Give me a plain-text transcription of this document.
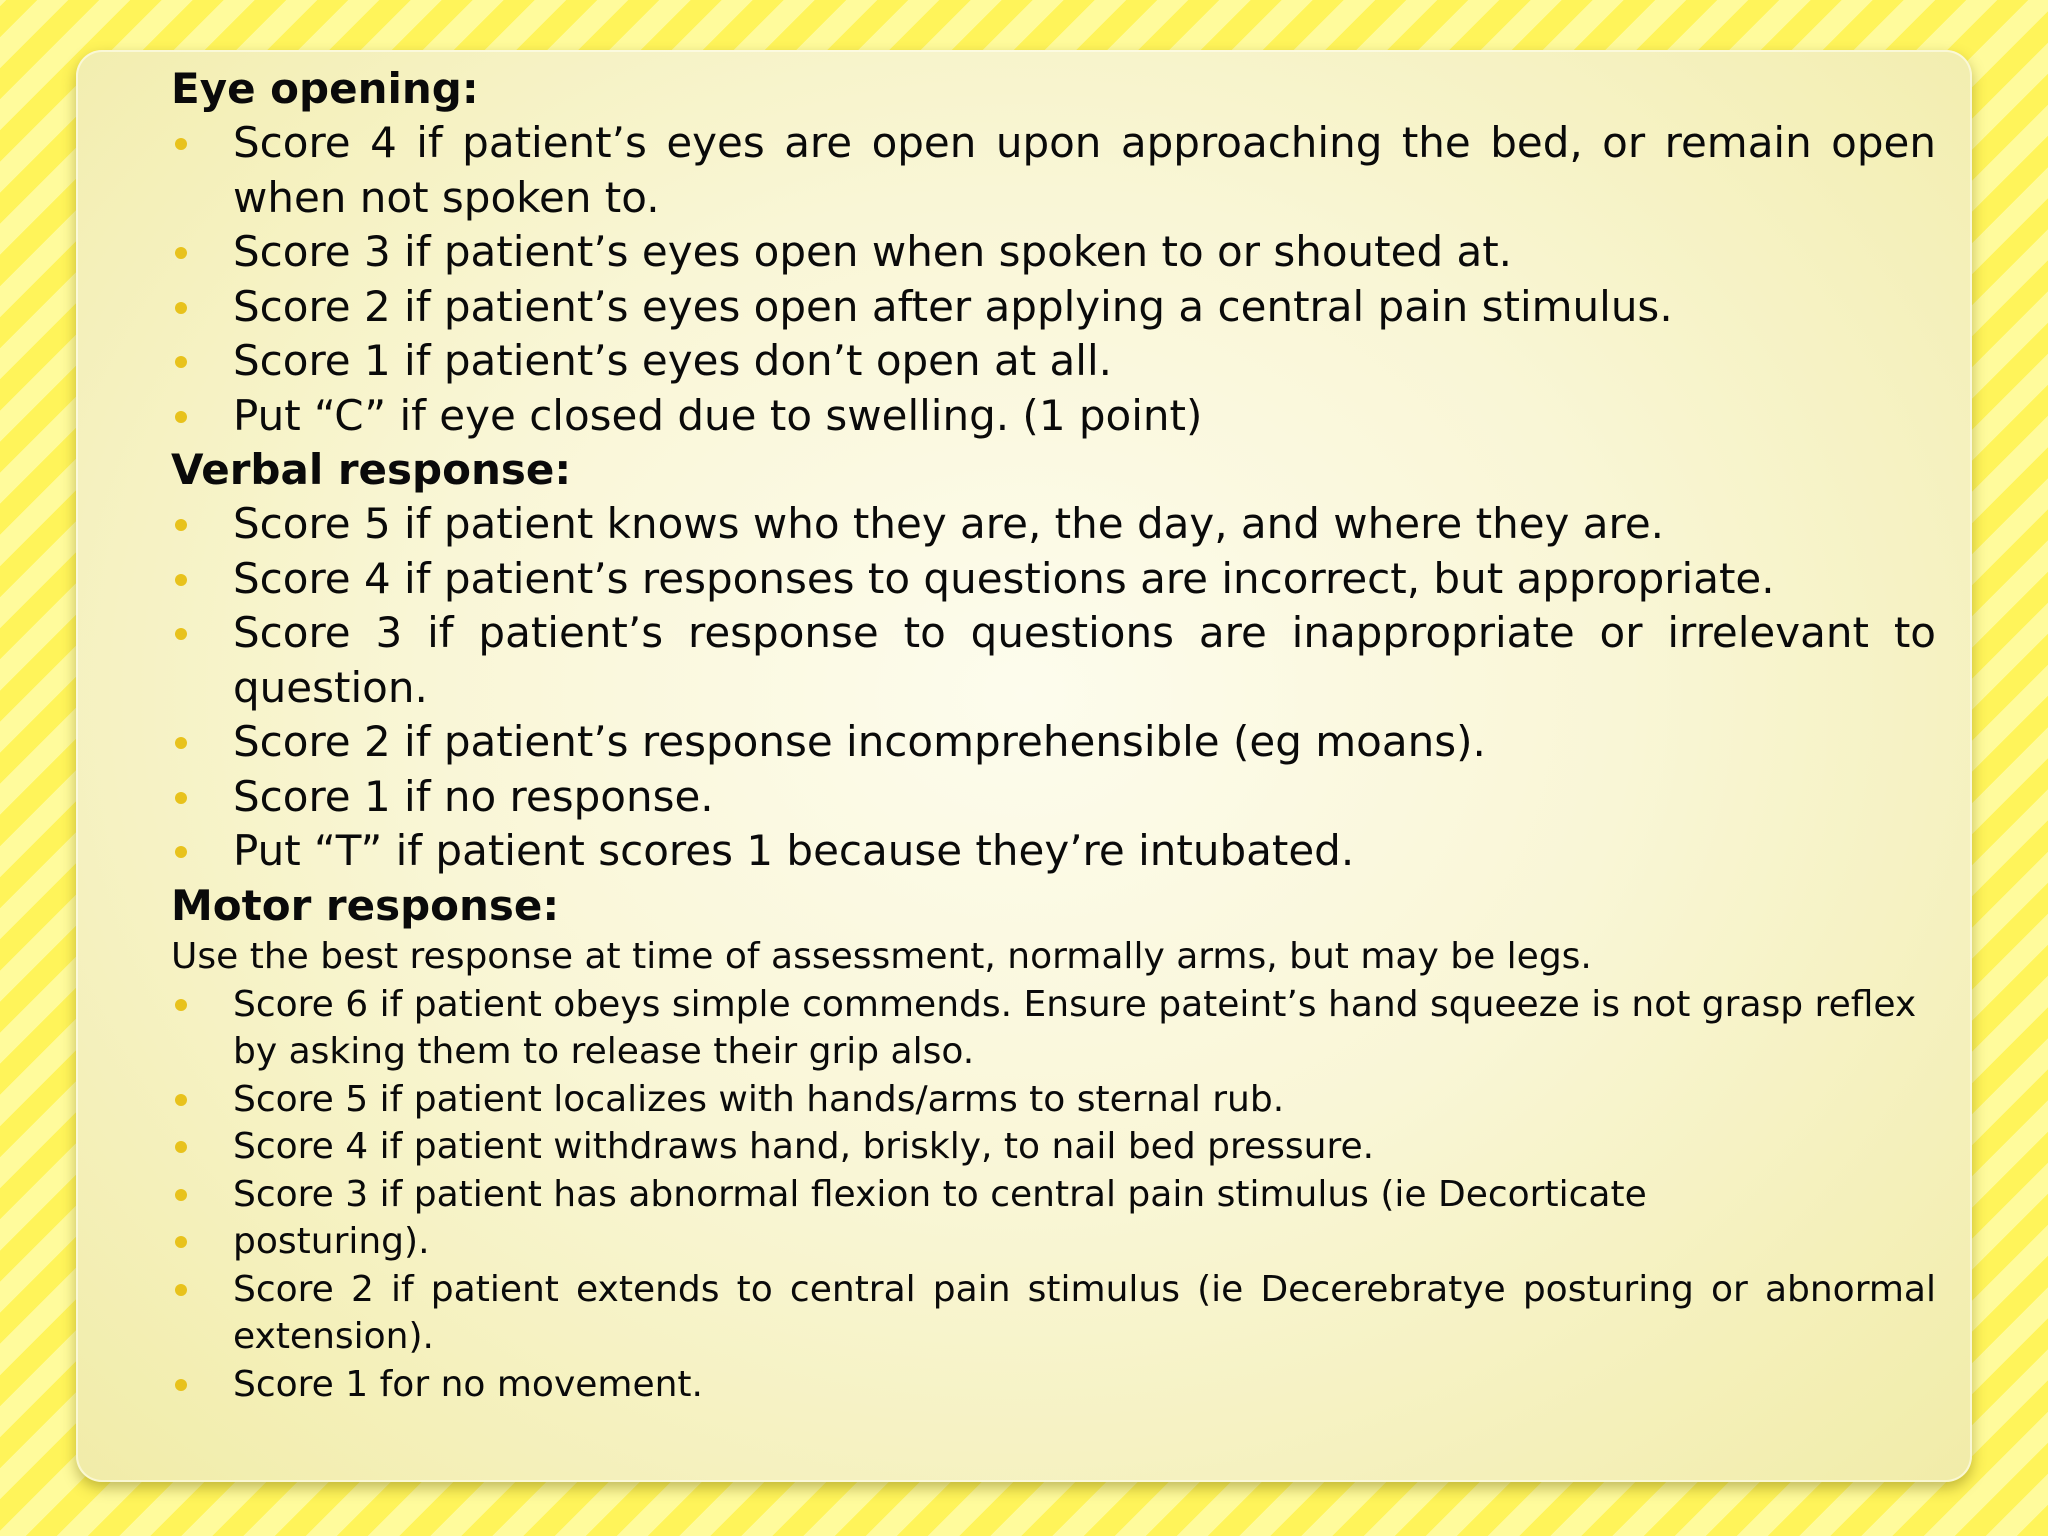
Eye opening:
Score 4 if patient’s eyes are open upon approaching the bed, or remain open when not spoken to.
Score 3 if patient’s eyes open when spoken to or shouted at.
Score 2 if patient’s eyes open after applying a central pain stimulus.
Score 1 if patient’s eyes don’t open at all.
Put “C” if eye closed due to swelling. (1 point)
Verbal response:
Score 5 if patient knows who they are, the day, and where they are.
Score 4 if patient’s responses to questions are incorrect, but appropriate.
Score 3 if patient’s response to questions are inappropriate or irrelevant to question.
Score 2 if patient’s response incomprehensible (eg moans).
Score 1 if no response.
Put “T” if patient scores 1 because they’re intubated.
Motor response:

Use the best response at time of assessment, normally arms, but may be legs.

Score 6 if patient obeys simple commends. Ensure pateint’s hand squeeze is not grasp reflex by asking them to release their grip also.
Score 5 if patient localizes with hands/arms to sternal rub.
Score 4 if patient withdraws hand, briskly, to nail bed pressure.
Score 3 if patient has abnormal flexion to central pain stimulus (ie Decorticate
posturing).
Score 2 if patient extends to central pain stimulus (ie Decerebratye posturing or abnormal extension).
Score 1 for no movement.
